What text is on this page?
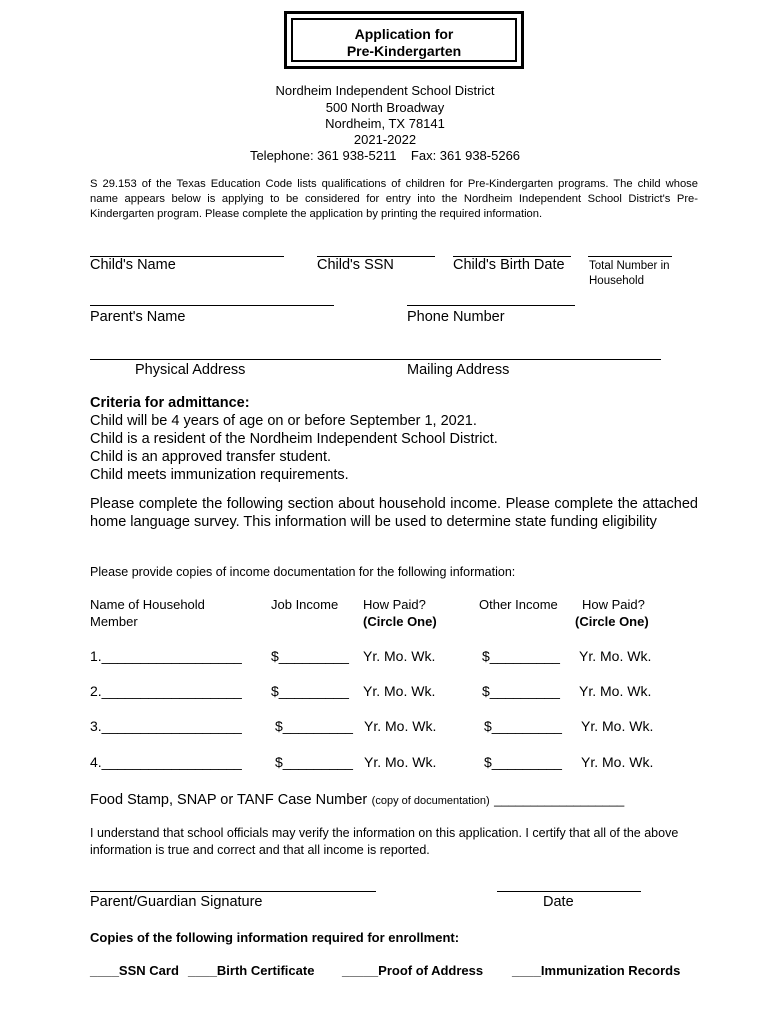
Application for
Pre-Kindergarten
Nordheim Independent School District
500 North Broadway
Nordheim, TX 78141
2021-2022
Telephone: 361 938-5211    Fax: 361 938-5266
S 29.153 of the Texas Education Code lists qualifications of children for Pre-Kindergarten programs. The child whose name appears below is applying to be considered for entry into the Nordheim Independent School District's Pre-Kindergarten program. Please complete the application by printing the required information.
Child's Name	Child's SSN	Child's Birth Date Total Number in
Household
Parent's Name	Phone Number
Physical Address	Mailing Address
Criteria for admittance:
Child will be 4 years of age on or before September 1, 2021.
Child is a resident of the Nordheim Independent School District.
Child is an approved transfer student.
Child meets immunization requirements.
Please complete the following section about household income. Please complete the attached home language survey. This information will be used to determine state funding eligibility
Please provide copies of income documentation for the following information:
Name of Household
Member
Job Income How Paid?
(Circle One)
Other Income How Paid?
(Circle One)
1.__________________ $_________ Yr. Mo. Wk.	$_________ Yr. Mo. Wk.
2.__________________ $_________ Yr. Mo. Wk.	$_________ Yr. Mo. Wk.
3.__________________ $_________ Yr. Mo. Wk.	$_________ Yr. Mo. Wk.
4.__________________ $_________ Yr. Mo. Wk.	$_________ Yr. Mo. Wk.
Food Stamp, SNAP or TANF Case Number (copy of documentation) __________________
I understand that school officials may verify the information on this application. I certify that all of the above information is true and correct and that all income is reported.
Parent/Guardian Signature	Date
Copies of the following information required for enrollment:
____SSN Card ____Birth Certificate _____Proof of Address ____Immunization Records
